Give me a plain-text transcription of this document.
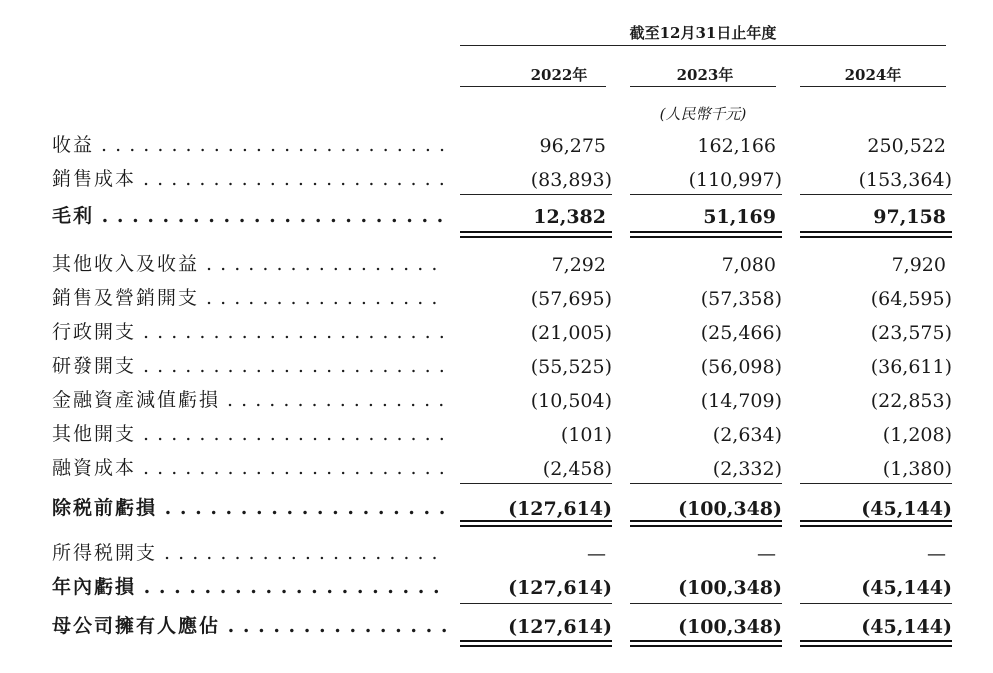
截至12月31日止年度
2022年	2023年	2024年
(人民幣千元)
收益 . . .	96,275	162,166	250,522
銷售成本 . . .	(83,893)	(110,997)	(153,364)
毛利 . . .	12,382	51,169	97,158
其他收入及收益 . . .	7,292	7,080	7,920
銷售及營銷開支 . . .	(57,695)	(57,358)	(64,595)
行政開支 . . .	(21,005)	(25,466)	(23,575)
研發開支 . . .	(55,525)	(56,098)	(36,611)
金融資產減值虧損 . . .	(10,504)	(14,709)	(22,853)
其他開支 . . .	(101)	(2,634)	(1,208)
融資成本 . . .	(2,458)	(2,332)	(1,380)
除税前虧損 . . .	(127,614)	(100,348)	(45,144)
所得税開支 . . .	—	—	—
年內虧損 . . .	(127,614)	(100,348)	(45,144)
母公司擁有人應佔 . . .	(127,614)	(100,348)	(45,144)
